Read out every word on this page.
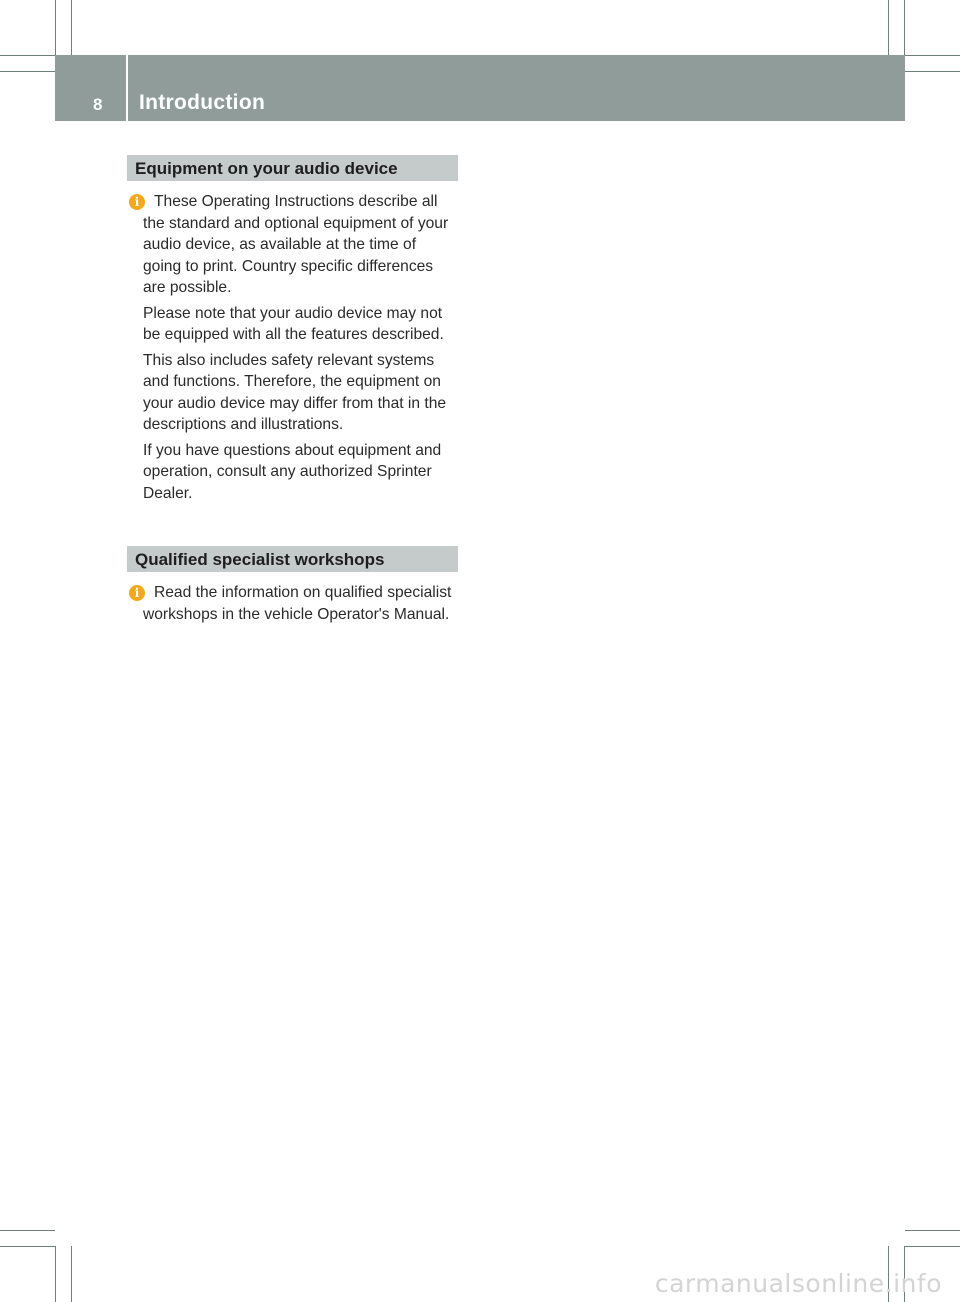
8 Introduction
Equipment on your audio device
i These Operating Instructions describe all the standard and optional equipment of your audio device, as available at the time of going to print. Country specific differences are possible.

Please note that your audio device may not be equipped with all the features described.

This also includes safety relevant systems and functions. Therefore, the equipment on your audio device may differ from that in the descriptions and illustrations.

If you have questions about equipment and operation, consult any authorized Sprinter Dealer.

Qualified specialist workshops
i Read the information on qualified specialist workshops in the vehicle Operator's Manual.

carmanualsonline.info
